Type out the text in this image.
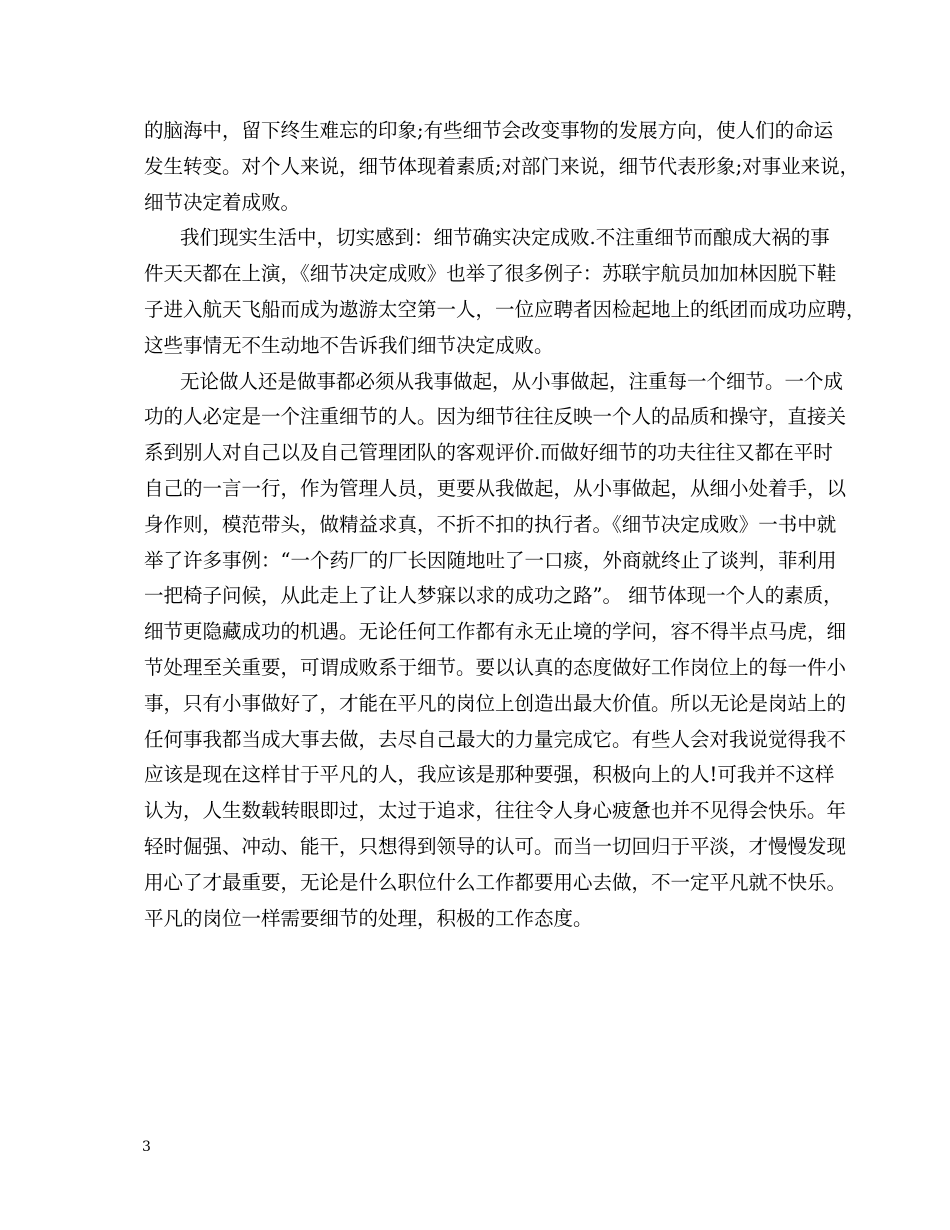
的脑海中，留下终生难忘的印象;有些细节会改变事物的发展方向，使人们的命运
发生转变。对个人来说，细节体现着素质;对部门来说，细节代表形象;对事业来说，
细节决定着成败。
我们现实生活中，切实感到：细节确实决定成败.不注重细节而酿成大祸的事
件天天都在上演，《细节决定成败》也举了很多例子：苏联宇航员加加林因脱下鞋
子进入航天飞船而成为遨游太空第一人，一位应聘者因检起地上的纸团而成功应聘，
这些事情无不生动地不告诉我们细节决定成败。
无论做人还是做事都必须从我事做起，从小事做起，注重每一个细节。一个成
功的人必定是一个注重细节的人。因为细节往往反映一个人的品质和操守，直接关
系到别人对自己以及自己管理团队的客观评价.而做好细节的功夫往往又都在平时
自己的一言一行，作为管理人员，更要从我做起，从小事做起，从细小处着手，以
身作则，模范带头，做精益求真，不折不扣的执行者。《细节决定成败》一书中就
举了许多事例：“一个药厂的厂长因随地吐了一口痰，外商就终止了谈判，菲利用
一把椅子问候，从此走上了让人梦寐以求的成功之路”。 细节体现一个人的素质，
细节更隐藏成功的机遇。无论任何工作都有永无止境的学问，容不得半点马虎，细
节处理至关重要，可谓成败系于细节。要以认真的态度做好工作岗位上的每一件小
事，只有小事做好了，才能在平凡的岗位上创造出最大价值。所以无论是岗站上的
任何事我都当成大事去做，去尽自己最大的力量完成它。有些人会对我说觉得我不
应该是现在这样甘于平凡的人，我应该是那种要强，积极向上的人!可我并不这样
认为，人生数载转眼即过，太过于追求，往往令人身心疲惫也并不见得会快乐。年
轻时倔强、冲动、能干，只想得到领导的认可。而当一切回归于平淡，才慢慢发现
用心了才最重要，无论是什么职位什么工作都要用心去做，不一定平凡就不快乐。
平凡的岗位一样需要细节的处理，积极的工作态度。
3
